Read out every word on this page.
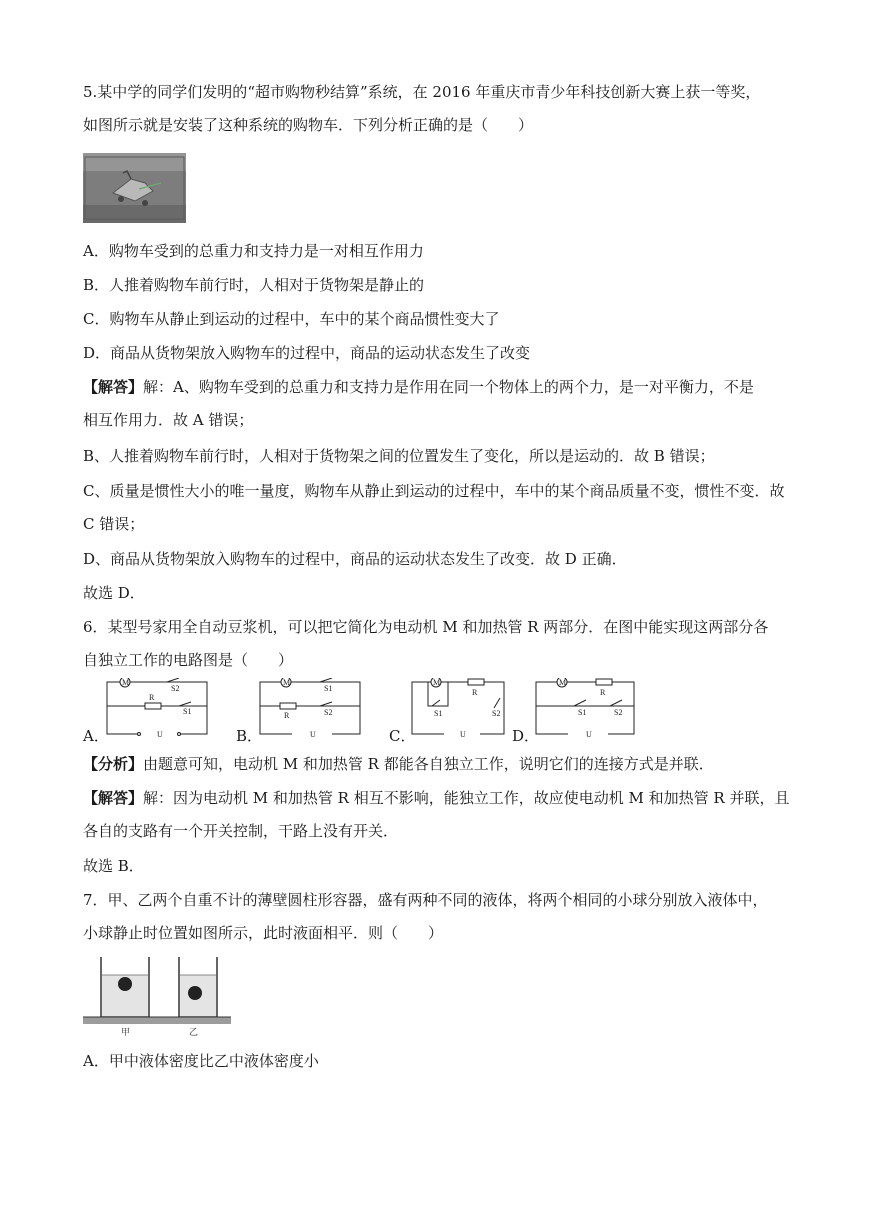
5.某中学的同学们发明的“超市购物秒结算”系统，在 2016 年重庆市青少年科技创新大赛上获一等奖，
如图所示就是安装了这种系统的购物车．下列分析正确的是（　　）
A．购物车受到的总重力和支持力是一对相互作用力
B．人推着购物车前行时，人相对于货物架是静止的
C．购物车从静止到运动的过程中，车中的某个商品惯性变大了
D．商品从货物架放入购物车的过程中，商品的运动状态发生了改变
【解答】解：A、购物车受到的总重力和支持力是作用在同一个物体上的两个力，是一对平衡力，不是
相互作用力．故 A 错误；
B、人推着购物车前行时，人相对于货物架之间的位置发生了变化，所以是运动的．故 B 错误；
C、质量是惯性大小的唯一量度，购物车从静止到运动的过程中，车中的某个商品质量不变，惯性不变．故
C 错误；
D、商品从货物架放入购物车的过程中，商品的运动状态发生了改变．故 D 正确．
故选 D．
6．某型号家用全自动豆浆机，可以把它简化为电动机 M 和加热管 R 两部分．在图中能实现这两部分各
自独立工作的电路图是（　　）
A．	B．	C．	D．
M
S2
R
S1
U
M
S1
R	S2
U
M
R
S1	S2
U
M
R
S1	S2
U
【分析】由题意可知，电动机 M 和加热管 R 都能各自独立工作，说明它们的连接方式是并联．
【解答】解：因为电动机 M 和加热管 R 相互不影响，能独立工作，故应使电动机 M 和加热管 R 并联，且
各自的支路有一个开关控制，干路上没有开关．
故选 B．
7．甲、乙两个自重不计的薄壁圆柱形容器，盛有两种不同的液体，将两个相同的小球分别放入液体中，
小球静止时位置如图所示，此时液面相平．则（　　）
甲	乙
A．甲中液体密度比乙中液体密度小
